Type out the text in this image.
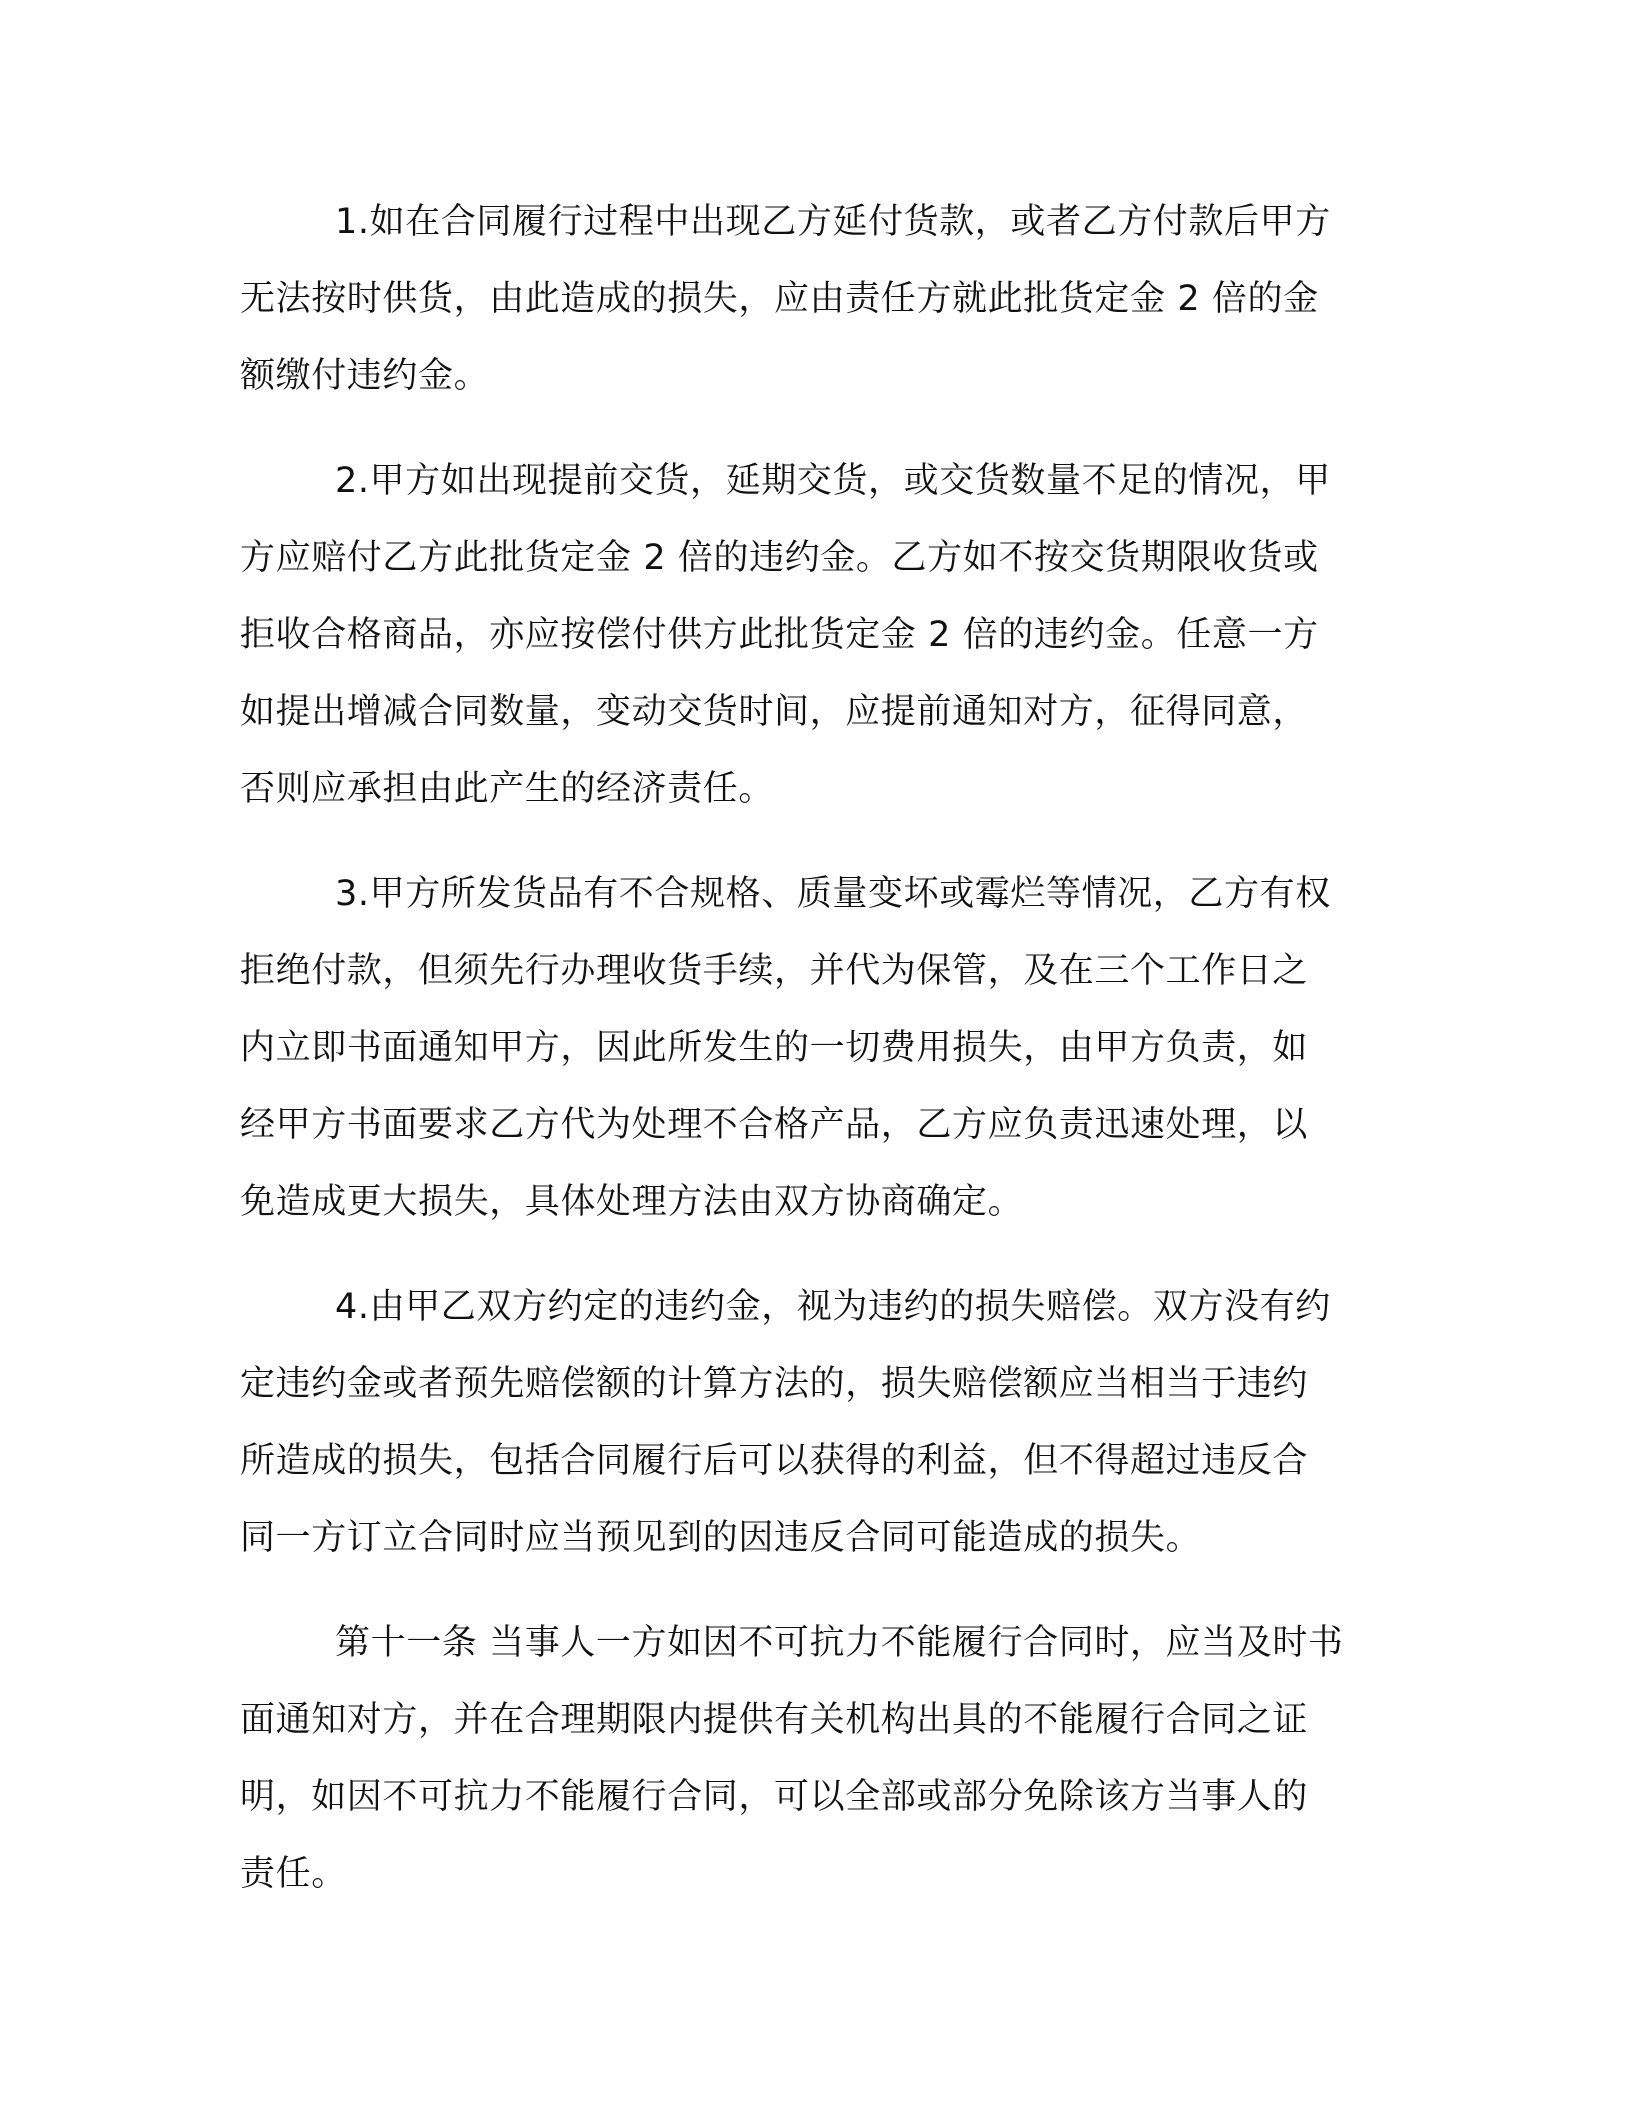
1.如在合同履行过程中出现乙方延付货款，或者乙方付款后甲方
无法按时供货，由此造成的损失，应由责任方就此批货定金 2 倍的金
额缴付违约金。

2.甲方如出现提前交货，延期交货，或交货数量不足的情况，甲
方应赔付乙方此批货定金 2 倍的违约金。乙方如不按交货期限收货或
拒收合格商品，亦应按偿付供方此批货定金 2 倍的违约金。任意一方
如提出增减合同数量，变动交货时间，应提前通知对方，征得同意，
否则应承担由此产生的经济责任。

3.甲方所发货品有不合规格、质量变坏或霉烂等情况，乙方有权
拒绝付款，但须先行办理收货手续，并代为保管，及在三个工作日之
内立即书面通知甲方，因此所发生的一切费用损失，由甲方负责，如
经甲方书面要求乙方代为处理不合格产品，乙方应负责迅速处理，以
免造成更大损失，具体处理方法由双方协商确定。

4.由甲乙双方约定的违约金，视为违约的损失赔偿。双方没有约
定违约金或者预先赔偿额的计算方法的，损失赔偿额应当相当于违约
所造成的损失，包括合同履行后可以获得的利益，但不得超过违反合
同一方订立合同时应当预见到的因违反合同可能造成的损失。

第十一条 当事人一方如因不可抗力不能履行合同时，应当及时书
面通知对方，并在合理期限内提供有关机构出具的不能履行合同之证
明，如因不可抗力不能履行合同，可以全部或部分免除该方当事人的
责任。
